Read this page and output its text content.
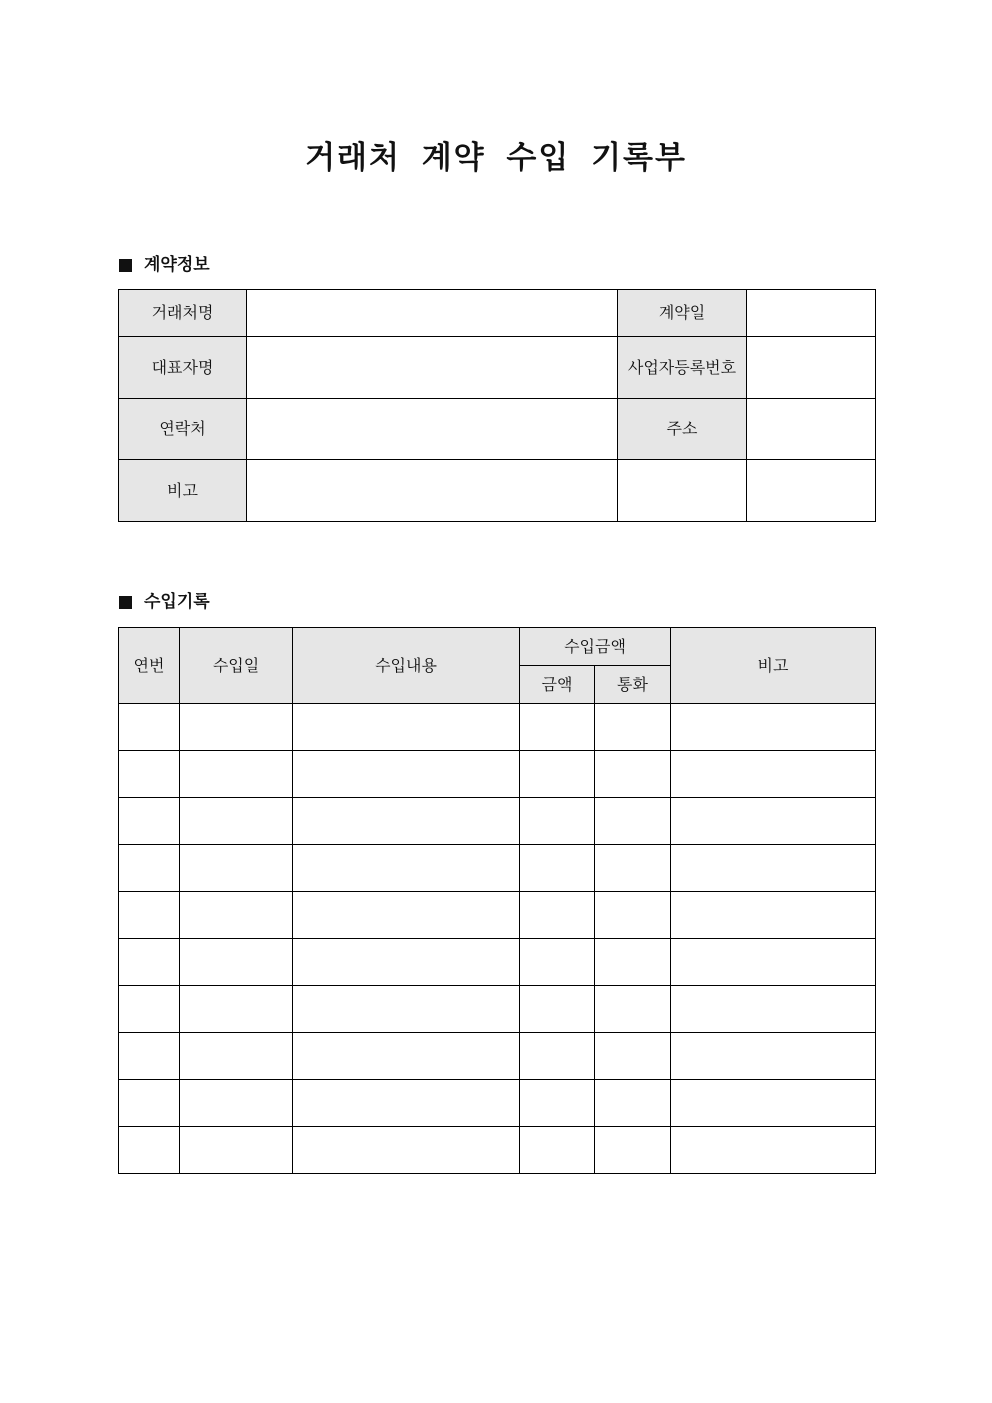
거래처 계약 수입 기록부
계약정보
거래처명		계약일	
대표자명		사업자등록번호	
연락처		주소	
비고			
수입기록
연번	수입일	수입내용	수입금액		비고
			금액	통화	
